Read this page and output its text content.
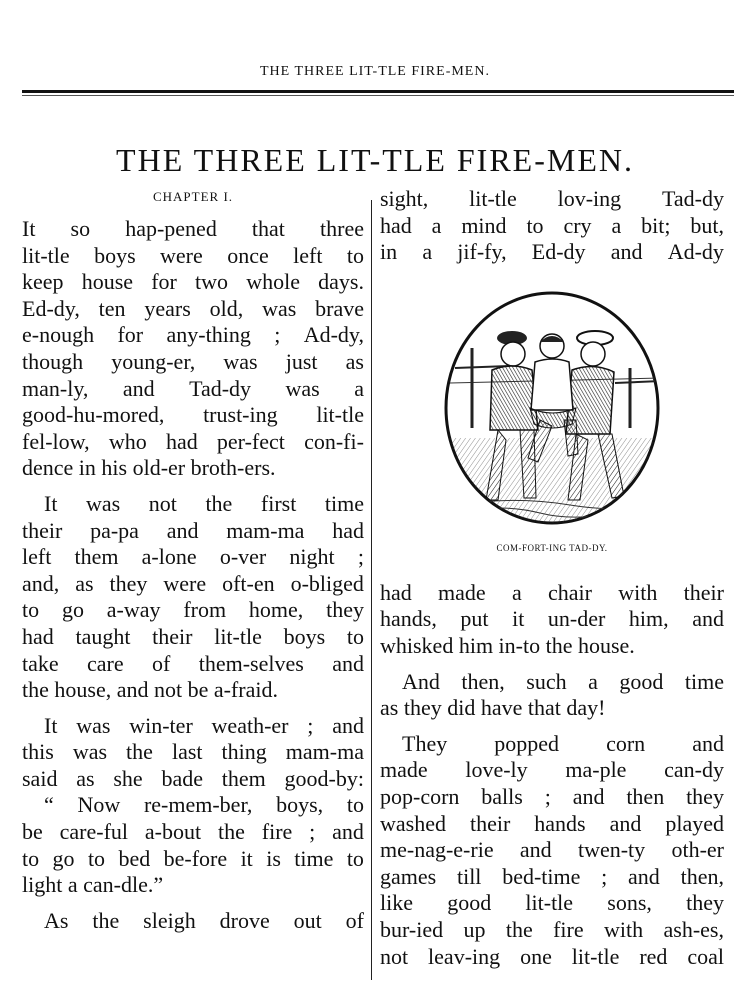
THE THREE LIT-TLE FIRE-MEN.
THE THREE LIT-TLE FIRE-MEN.
CHAPTER I.
It so hap-pened that three
lit-tle boys were once left to
keep house for two whole days.
Ed-dy, ten years old, was brave
e-nough for any-thing ; Ad-dy,
though young-er, was just as
man-ly, and Tad-dy was a
good-hu-mored, trust-ing lit-tle
fel-low, who had per-fect con-fi-
dence in his old-er broth-ers.
It was not the first time
their pa-pa and mam-ma had
left them a-lone o-ver night ;
and, as they were oft-en o-bliged
to go a-way from home, they
had taught their lit-tle boys to
take care of them-selves and
the house, and not be a-fraid.
It was win-ter weath-er ; and
this was the last thing mam-ma
said as she bade them good-by:
“ Now re-mem-ber, boys, to
be care-ful a-bout the fire ; and
to go to bed be-fore it is time to
light a can-dle.”
As the sleigh drove out of
sight, lit-tle lov-ing Tad-dy
had a mind to cry a bit; but,
in a jif-fy, Ed-dy and Ad-dy
COM-FORT-ING TAD-DY.
had made a chair with their
hands, put it un-der him, and
whisked him in-to the house.
And then, such a good time
as they did have that day!
They popped corn and
made love-ly ma-ple can-dy
pop-corn balls ; and then they
washed their hands and played
me-nag-e-rie and twen-ty oth-er
games till bed-time ; and then,
like good lit-tle sons, they
bur-ied up the fire with ash-es,
not leav-ing one lit-tle red coal
